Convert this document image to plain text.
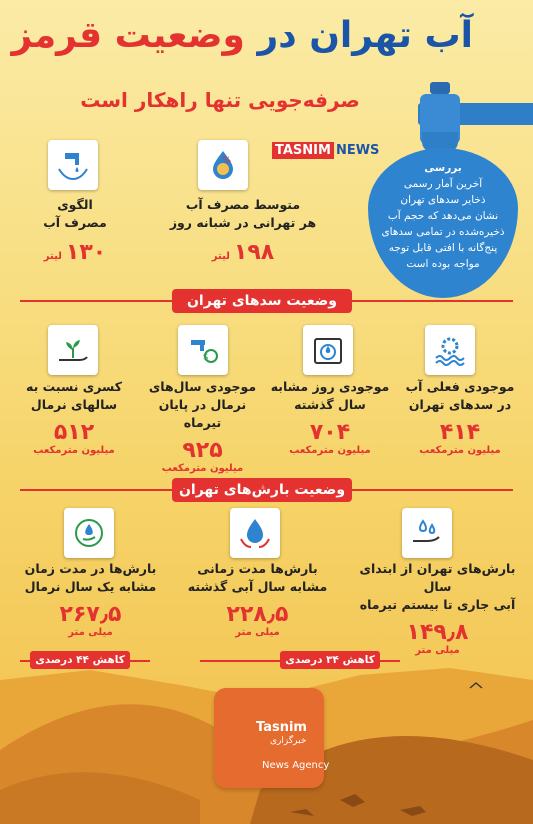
آب تهران در وضعیت قرمز
صرفه‌جویی تنها راهکار است
بررسی
آخرین آمار رسمی
ذخایر سدهای تهران
نشان می‌دهد که حجم آب
ذخیره‌شده در تمامی سدهای
پنج‌گانه با افتی قابل توجه
مواجه بوده است
TASNIM NEWS
%
متوسط مصرف آب
هر تهرانی در شبانه روز
لیتر ۱۹۸
الگوی
مصرف آب
لیتر ۱۳۰
وضعیت سدهای تهران
$
موجودی فعلی آب
در سدهای تهران
۴۱۴
میلیون مترمکعب
موجودی روز مشابه
سال گذشته
۷۰۴
میلیون مترمکعب
موجودی سال‌های
نرمال در پایان تیرماه
۹۲۵
میلیون مترمکعب
کسری نسبت به
سالهای نرمال
۵۱۲
میلیون مترمکعب
وضعیت بارش‌های تهران
بارش‌های تهران از ابتدای سال
آبی جاری تا بیستم تیرماه
۱۴۹٫۸
میلی متر
بارش‌ها مدت زمانی
مشابه سال آبی گذشته
۲۲۸٫۵
میلی متر
بارش‌ها در مدت زمان
مشابه یک سال نرمال
۲۶۷٫۵
میلی متر
کاهش ۳۴ درصدی
کاهش ۴۴ درصدی
خبرگزاری
Tasnim
News Agency
